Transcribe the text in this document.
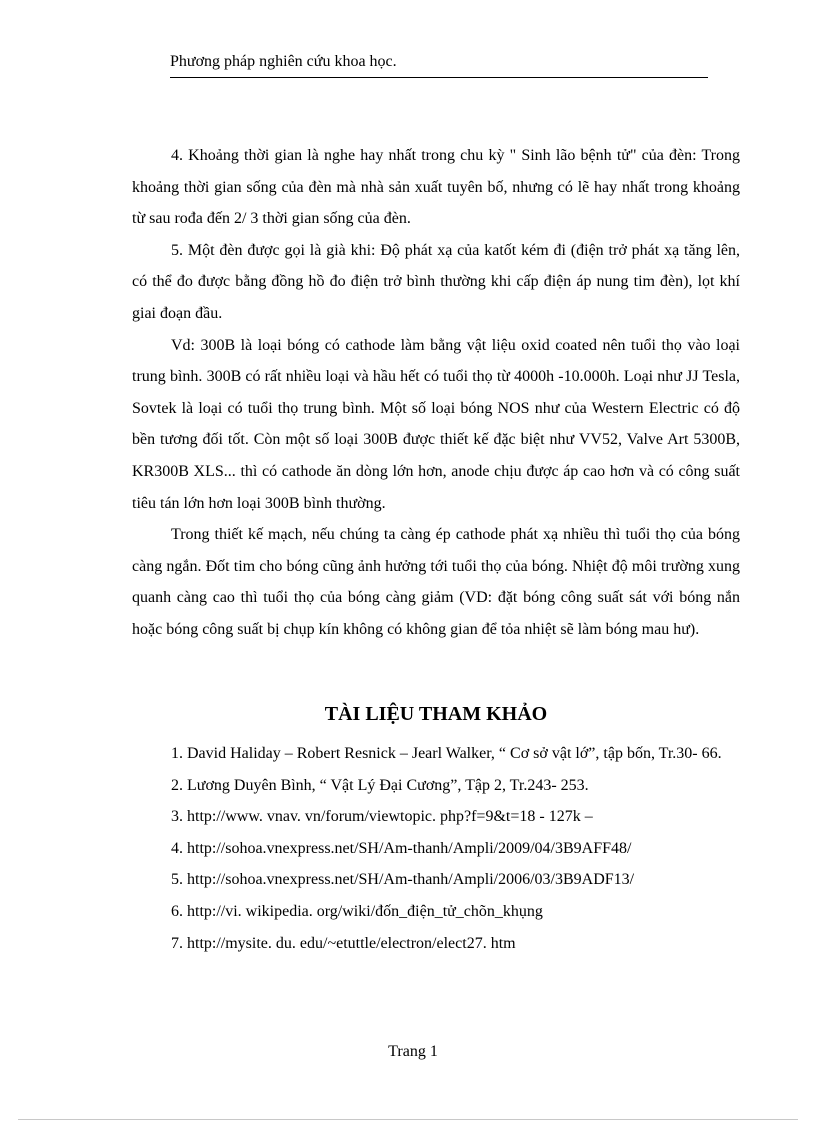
Phương pháp nghiên cứu khoa học.

4. Khoảng thời gian là nghe hay nhất trong chu kỳ " Sinh lão bệnh tử" của đèn: Trong khoảng thời gian sống của đèn mà nhà sản xuất tuyên bố, nhưng có lẽ hay nhất trong khoảng từ sau rođa đến 2/ 3 thời gian sống của đèn.

5. Một đèn được gọi là già khi: Độ phát xạ của katốt kém đi (điện trở phát xạ tăng lên, có thể đo được bằng đồng hồ đo điện trở bình thường khi cấp điện áp nung tim đèn), lọt khí giai đoạn đầu.

Vd: 300B là loại bóng có cathode làm bằng vật liệu oxid coated nên tuổi thọ vào loại trung bình. 300B có rất nhiều loại và hầu hết có tuổi thọ từ 4000h -10.000h. Loại như JJ Tesla, Sovtek là loại có tuổi thọ trung bình. Một số loại bóng NOS như của Western Electric có độ bền tương đối tốt. Còn một số loại 300B được thiết kế đặc biệt như VV52, Valve Art 5300B, KR300B XLS... thì có cathode ăn dòng lớn hơn, anode chịu được áp cao hơn và có công suất tiêu tán lớn hơn loại 300B bình thường.

Trong thiết kế mạch, nếu chúng ta càng ép cathode phát xạ nhiều thì tuổi thọ của bóng càng ngắn. Đốt tim cho bóng cũng ảnh hưởng tới tuổi thọ của bóng. Nhiệt độ môi trường xung quanh càng cao thì tuổi thọ của bóng càng giảm (VD: đặt bóng công suất sát với bóng nắn hoặc bóng công suất bị chụp kín không có không gian để tỏa nhiệt sẽ làm bóng mau hư).

TÀI LIỆU THAM KHẢO

1. David Haliday – Robert Resnick – Jearl Walker, “ Cơ sở vật lớ”, tập bốn, Tr.30- 66.

2. Lương Duyên Bình, “ Vật Lý Đại Cương”, Tập 2, Tr.243- 253.

3. http://www. vnav. vn/forum/viewtopic. php?f=9&t=18 - 127k –

4. http://sohoa.vnexpress.net/SH/Am-thanh/Ampli/2009/04/3B9AFF48/

5. http://sohoa.vnexpress.net/SH/Am-thanh/Ampli/2006/03/3B9ADF13/

6. http://vi. wikipedia. org/wiki/đốn_điện_tử_chõn_khụng

7. http://mysite. du. edu/~etuttle/electron/elect27. htm

Trang 1
